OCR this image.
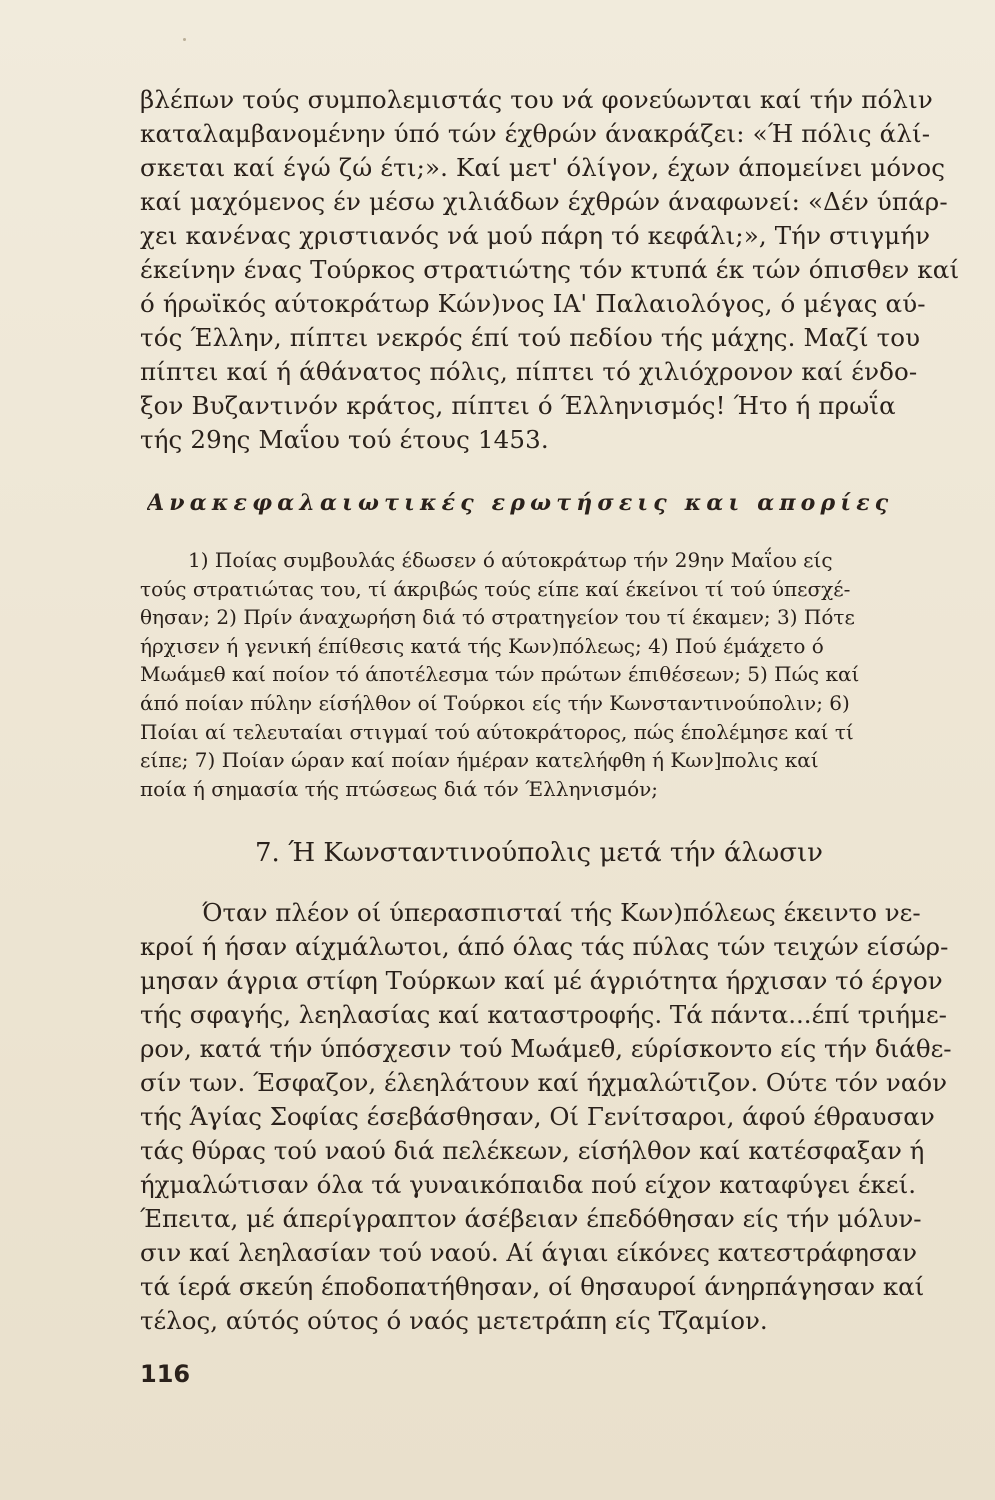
βλέπων τούς συμπολεμιστάς του νά φονεύωνται καί τήν πόλιν
καταλαμβανομένην ύπό τών έχθρών άνακράζει: «Ή πόλις άλί-
σκεται καί έγώ ζώ έτι;». Καί μετ' όλίγον, έχων άπομείνει μόνος
καί μαχόμενος έν μέσω χιλιάδων έχθρών άναφωνεί: «Δέν ύπάρ-
χει κανένας χριστιανός νά μού πάρη τό κεφάλι;», Τήν στιγμήν
έκείνην ένας Τούρκος στρατιώτης τόν κτυπά έκ τών όπισθεν καί
ό ήρωϊκός αύτοκράτωρ Κών)νος ΙΑ' Παλαιολόγος, ό μέγας αύ-
τός Έλλην, πίπτει νεκρός έπί τού πεδίου τής μάχης. Μαζί του
πίπτει καί ή άθάνατος πόλις, πίπτει τό χιλιόχρονον καί ένδο-
ξον Βυζαντινόν κράτος, πίπτει ό Έλληνισμός! Ήτο ή πρωΐα
τής 29ης Μαΐου τού έτους 1453.
Ανακεφαλαιωτικές ερωτήσεις και απορίες
1) Ποίας συμβουλάς έδωσεν ό αύτοκράτωρ τήν 29ην Μαΐου είς
τούς στρατιώτας του, τί άκριβώς τούς είπε καί έκείνοι τί τού ύπεσχέ-
θησαν; 2) Πρίν άναχωρήση διά τό στρατηγείον του τί έκαμεν; 3) Πότε
ήρχισεν ή γενική έπίθεσις κατά τής Κων)πόλεως; 4) Πού έμάχετο ό
Μωάμεθ καί ποίον τό άποτέλεσμα τών πρώτων έπιθέσεων; 5) Πώς καί
άπό ποίαν πύλην είσήλθον οί Τούρκοι είς τήν Κωνσταντινούπολιν; 6)
Ποίαι αί τελευταίαι στιγμαί τού αύτοκράτορος, πώς έπολέμησε καί τί
είπε; 7) Ποίαν ώραν καί ποίαν ήμέραν κατελήφθη ή Κων]πολις καί
ποία ή σημασία τής πτώσεως διά τόν Έλληνισμόν;
7. Ή Κωνσταντινούπολις μετά τήν άλωσιν
Όταν πλέον οί ύπερασπισταί τής Κων)πόλεως έκειντο νε-
κροί ή ήσαν αίχμάλωτοι, άπό όλας τάς πύλας τών τειχών είσώρ-
μησαν άγρια στίφη Τούρκων καί μέ άγριότητα ήρχισαν τό έργον
τής σφαγής, λεηλασίας καί καταστροφής. Τά πάντα...έπί τριήμε-
ρον, κατά τήν ύπόσχεσιν τού Μωάμεθ, εύρίσκοντο είς τήν διάθε-
σίν των. Έσφαζον, έλεηλάτουν καί ήχμαλώτιζον. Ούτε τόν ναόν
τής Άγίας Σοφίας έσεβάσθησαν, Οί Γενίτσαροι, άφού έθραυσαν
τάς θύρας τού ναού διά πελέκεων, είσήλθον καί κατέσφαξαν ή
ήχμαλώτισαν όλα τά γυναικόπαιδα πού είχον καταφύγει έκεί.
Έπειτα, μέ άπερίγραπτον άσέβειαν έπεδόθησαν είς τήν μόλυν-
σιν καί λεηλασίαν τού ναού. Αί άγιαι είκόνες κατεστράφησαν
τά ίερά σκεύη έποδοπατήθησαν, οί θησαυροί άνηρπάγησαν καί
τέλος, αύτός ούτος ό ναός μετετράπη είς Τζαμίον.
116
